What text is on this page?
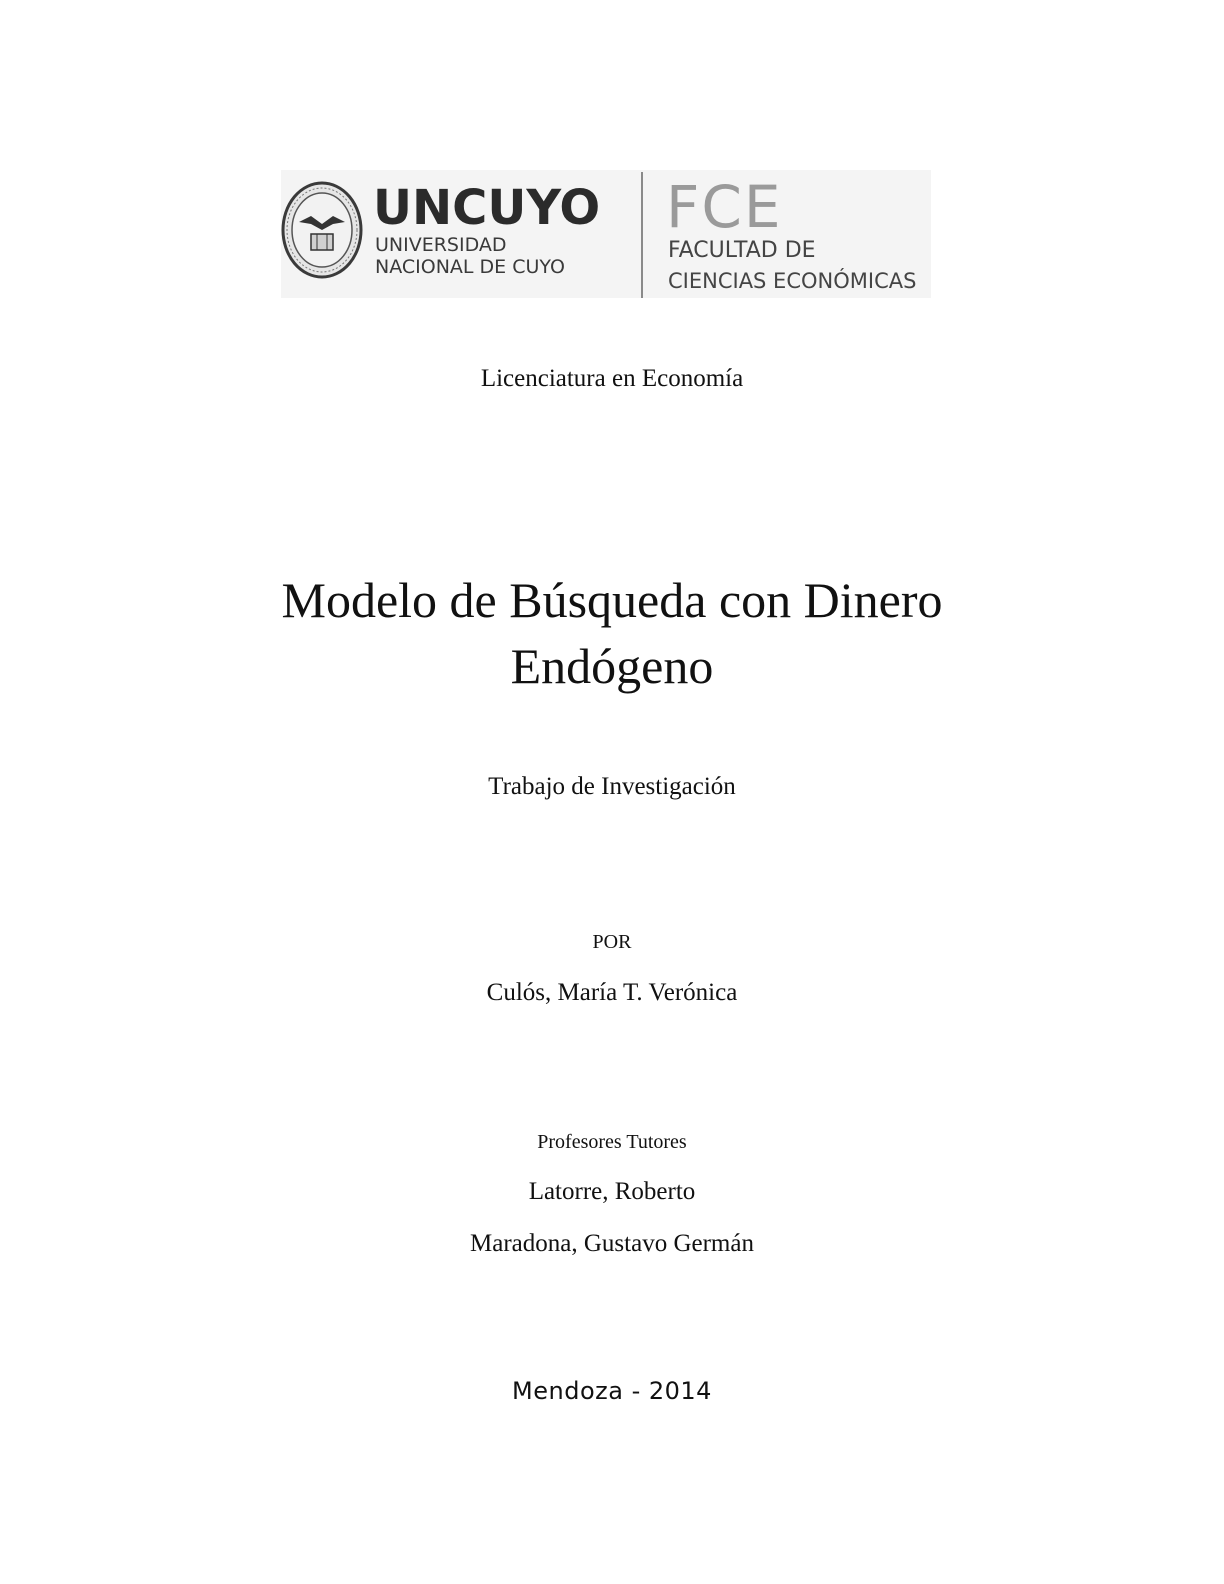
UNCUYO
UNIVERSIDAD
NACIONAL DE CUYO
FCE
FACULTAD DE
CIENCIAS ECONÓMICAS
Licenciatura en Economía
Modelo de Búsqueda con Dinero
Endógeno
Trabajo de Investigación
POR
Culós, María T. Verónica
Profesores Tutores
Latorre, Roberto
Maradona, Gustavo Germán
Mendoza - 2014
